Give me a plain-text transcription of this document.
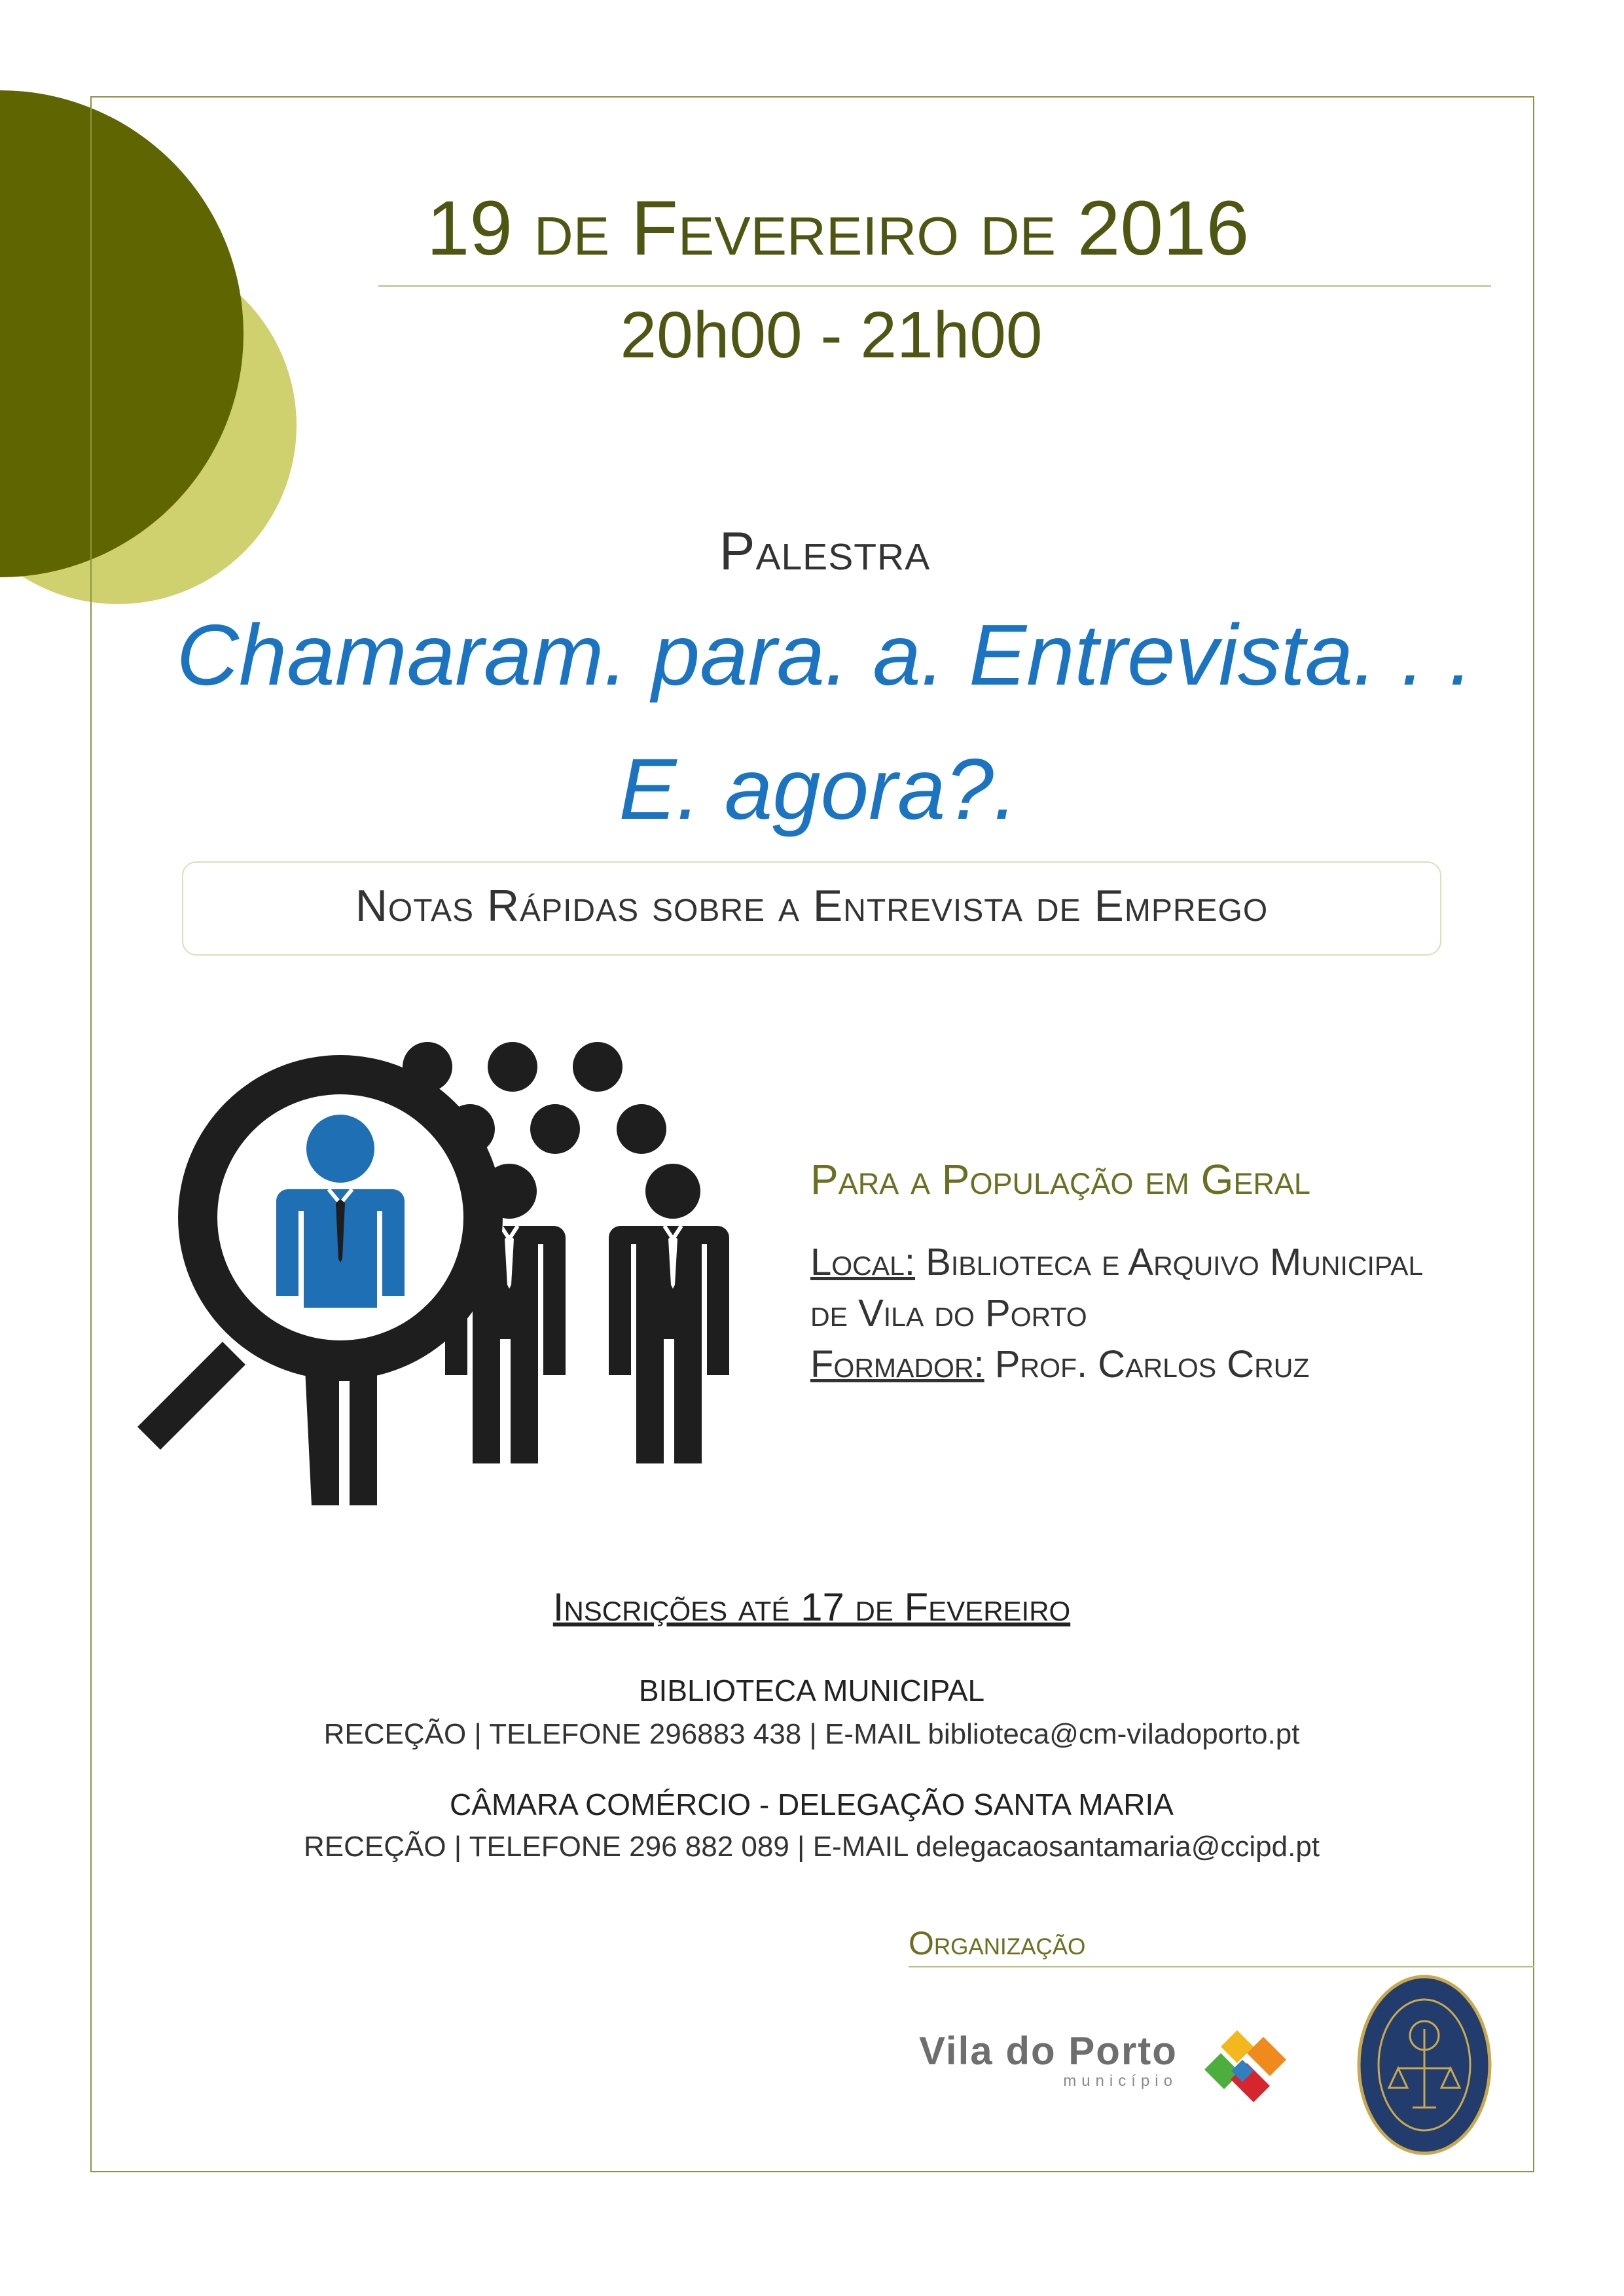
19 de Fevereiro de 2016
20h00 - 21h00
Palestra
Chamaram. para. a. Entrevista. . .
E. agora?.
Notas Rápidas sobre a Entrevista de Emprego
Para a População em Geral
Local: Biblioteca e Arquivo Municipal
de Vila do Porto
Formador: Prof. Carlos Cruz
Inscrições até 17 de Fevereiro
BIBLIOTECA MUNICIPAL
RECEÇÃO | TELEFONE 296883 438 | E-MAIL biblioteca@cm-viladoporto.pt
CÂMARA COMÉRCIO - DELEGAÇÃO SANTA MARIA
RECEÇÃO | TELEFONE 296 882 089 | E-MAIL delegacaosantamaria@ccipd.pt
Organização
Vila do Porto
município
